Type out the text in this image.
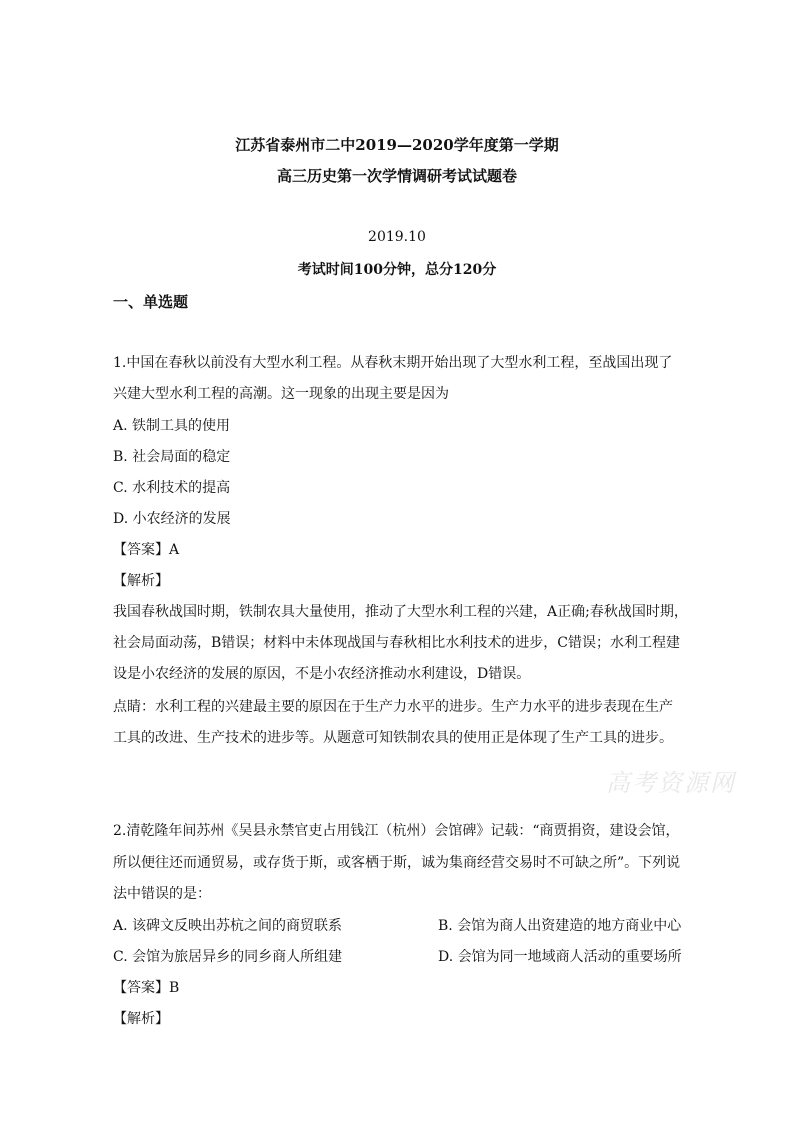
江苏省泰州市二中2019—2020学年度第一学期
高三历史第一次学情调研考试试题卷
2019.10
考试时间100分钟，总分120分
一、单选题
1.中国在春秋以前没有大型水利工程。从春秋末期开始出现了大型水利工程，至战国出现了
兴建大型水利工程的高潮。这一现象的出现主要是因为
A. 铁制工具的使用
B. 社会局面的稳定
C. 水利技术的提高
D. 小农经济的发展
【答案】A
【解析】
我国春秋战国时期，铁制农具大量使用，推动了大型水利工程的兴建，A正确;春秋战国时期，
社会局面动荡，B错误；材料中未体现战国与春秋相比水利技术的进步，C错误；水利工程建
设是小农经济的发展的原因，不是小农经济推动水利建设，D错误。
点睛：水利工程的兴建最主要的原因在于生产力水平的进步。生产力水平的进步表现在生产
工具的改进、生产技术的进步等。从题意可知铁制农具的使用正是体现了生产工具的进步。
高考资源网
2.清乾隆年间苏州《吴县永禁官吏占用钱江（杭州）会馆碑》记载：“商贾捐资，建设会馆，
所以便往还而通贸易，或存货于斯，或客栖于斯，诚为集商经营交易时不可缺之所”。下列说
法中错误的是：
A. 该碑文反映出苏杭之间的商贸联系	B. 会馆为商人出资建造的地方商业中心
C. 会馆为旅居异乡的同乡商人所组建	D. 会馆为同一地域商人活动的重要场所
【答案】B
【解析】
